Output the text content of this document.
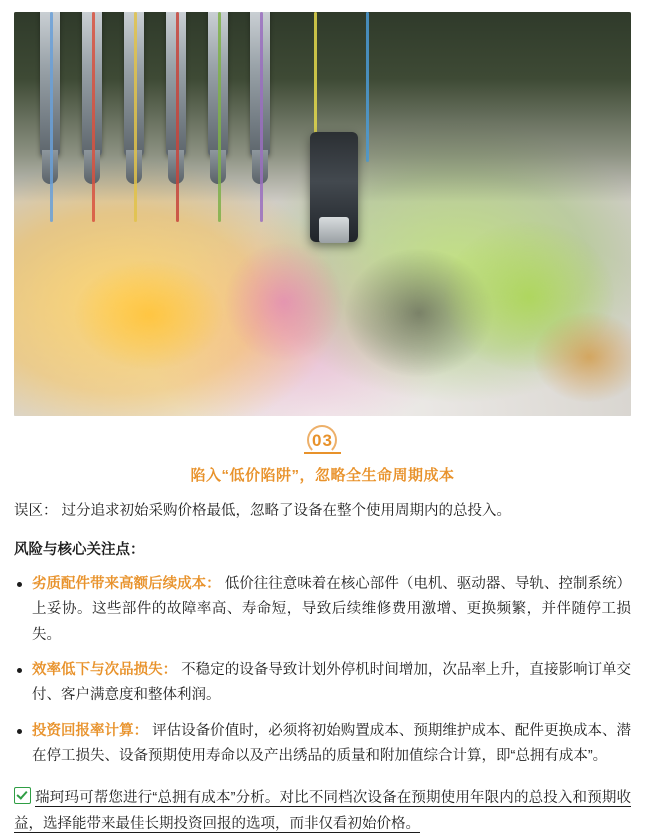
03
陷入“低价陷阱”，忽略全生命周期成本

误区： 过分追求初始采购价格最低，忽略了设备在整个使用周期内的总投入。

风险与核心关注点：

劣质配件带来高额后续成本： 低价往往意味着在核心部件（电机、驱动器、导轨、控制系统）上妥协。这些部件的故障率高、寿命短，导致后续维修费用激增、更换频繁，并伴随停工损失。
效率低下与次品损失： 不稳定的设备导致计划外停机时间增加，次品率上升，直接影响订单交付、客户满意度和整体利润。
投资回报率计算： 评估设备价值时，必须将初始购置成本、预期维护成本、配件更换成本、潜在停工损失、设备预期使用寿命以及产出绣品的质量和附加值综合计算，即“总拥有成本”。

瑞珂玛可帮您进行“总拥有成本”分析。对比不同档次设备在预期使用年限内的总投入和预期收益，选择能带来最佳长期投资回报的选项，而非仅看初始价格。
